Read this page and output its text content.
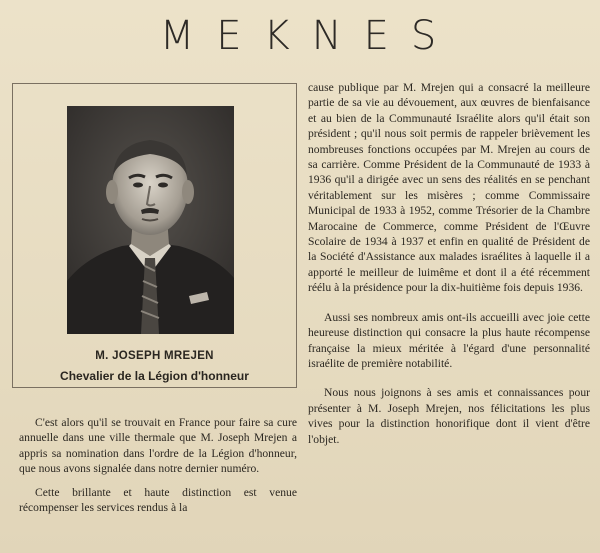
MEKNES
M. JOSEPH MREJEN
Chevalier de la Légion d'honneur

C'est alors qu'il se trouvait en France pour faire sa cure annuelle dans une ville thermale que M. Joseph Mrejen a appris sa nomination dans l'ordre de la Légion d'honneur, que nous avons signalée dans notre dernier numéro.

Cette brillante et haute distinction est venue récompenser les services rendus à la

cause publique par M. Mrejen qui a consacré la meilleure partie de sa vie au dévouement, aux œuvres de bienfaisance et au bien de la Communauté Israélite alors qu'il était son président ; qu'il nous soit permis de rappeler brièvement les nombreuses fonctions occupées par M. Mrejen au cours de sa carrière. Comme Président de la Communauté de 1933 à 1936 qu'il a dirigée avec un sens des réalités en se penchant véritablement sur les misères ; comme Commissaire Municipal de 1933 à 1952, comme Trésorier de la Chambre Marocaine de Commerce, comme Président de l'Œuvre Scolaire de 1934 à 1937 et enfin en qualité de Président de la Société d'Assistance aux malades israélites à laquelle il a apporté le meilleur de luimême et dont il a été récemment réélu à la présidence pour la dix-huitième fois depuis 1936.

Aussi ses nombreux amis ont-ils accueilli avec joie cette heureuse distinction qui consacre la plus haute récompense française la mieux méritée à l'égard d'une personnalité israélite de première notabilité.

Nous nous joignons à ses amis et connaissances pour présenter à M. Joseph Mrejen, nos félicitations les plus vives pour la distinction honorifique dont il vient d'être l'objet.
